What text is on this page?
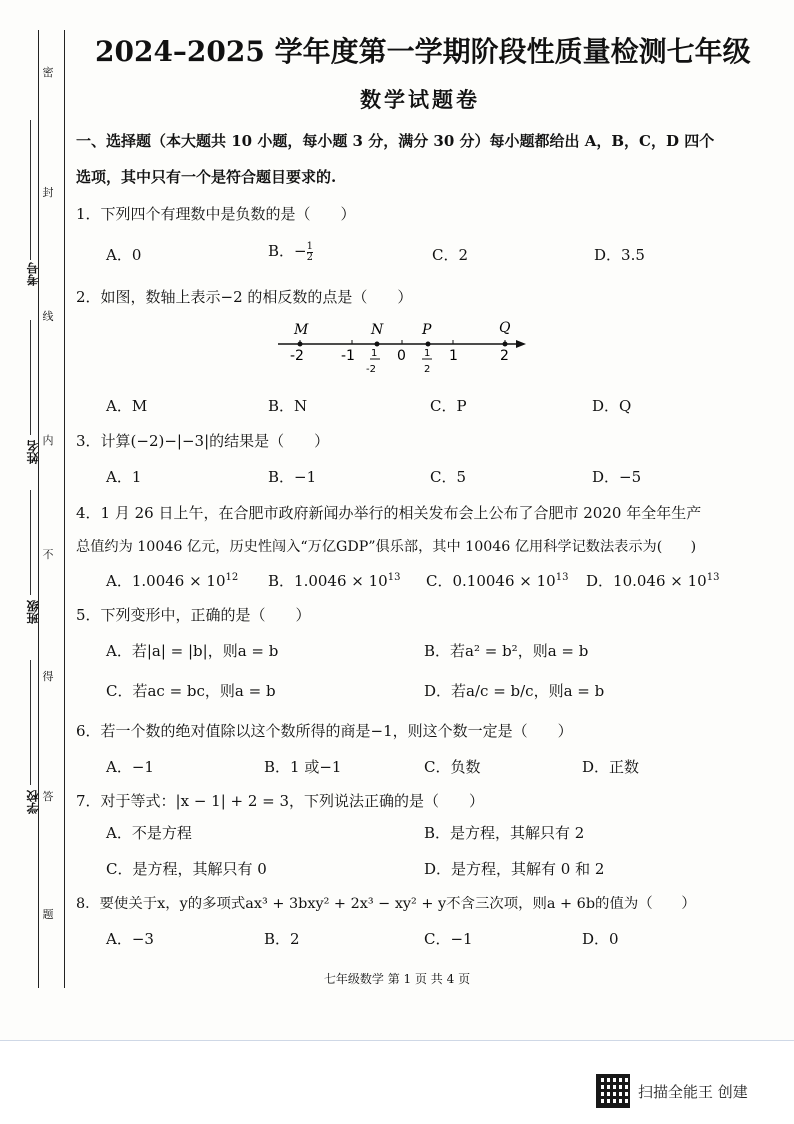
密
封
线
内
不
得
答
题
考号
姓名
班级
学校
2024–2025 学年度第一学期阶段性质量检测七年级
数学试题卷
一、选择题（本大题共 10 小题，每小题 3 分，满分 30 分）每小题都给出 A，B，C，D 四个
选项，其中只有一个是符合题目要求的.
1．下列四个有理数中是负数的是（　　）
A．0	B．− $\frac{1}{2}$	C．2	D．3.5
2．如图，数轴上表示−2 的相反数的点是（　　）
M	N	P	Q
-2	-1	0	1	2
1
-2
1
2
A．M	B．N	C．P	D．Q
3．计算(−2)−|−3|的结果是（　　）
A．1	B．−1	C．5	D．−5
4．1 月 26 日上午，在合肥市政府新闻办举行的相关发布会上公布了合肥市 2020 年全年生产
总值约为 10046 亿元，历史性闯入“万亿GDP”俱乐部，其中 10046 亿用科学记数法表示为(　　)
A．$1.0046 \times 10^{12}$ B．$1.0046 \times 10^{13}$ C．$0.10046 \times 10^{13}$ D．$10.046 \times 10^{13}$
5．下列变形中，正确的是（　　）
A．若|a| = |b|，则a = b	B．若a² = b²，则a = b
C．若ac = bc，则a = b	D．若a/c = b/c，则a = b
6．若一个数的绝对值除以这个数所得的商是−1，则这个数一定是（　　）
A．−1	B．1 或−1	C．负数	D．正数
7．对于等式：|x − 1| + 2 = 3，下列说法正确的是（　　）
A．不是方程	B．是方程，其解只有 2
C．是方程，其解只有 0	D．是方程，其解有 0 和 2
8．要使关于x，y的多项式ax³ + 3bxy² + 2x³ − xy² + y不含三次项，则a + 6b的值为（　　）
A．−3	B．2	C．−1	D．0
七年级数学 第 1 页 共 4 页
扫描全能王 创建
